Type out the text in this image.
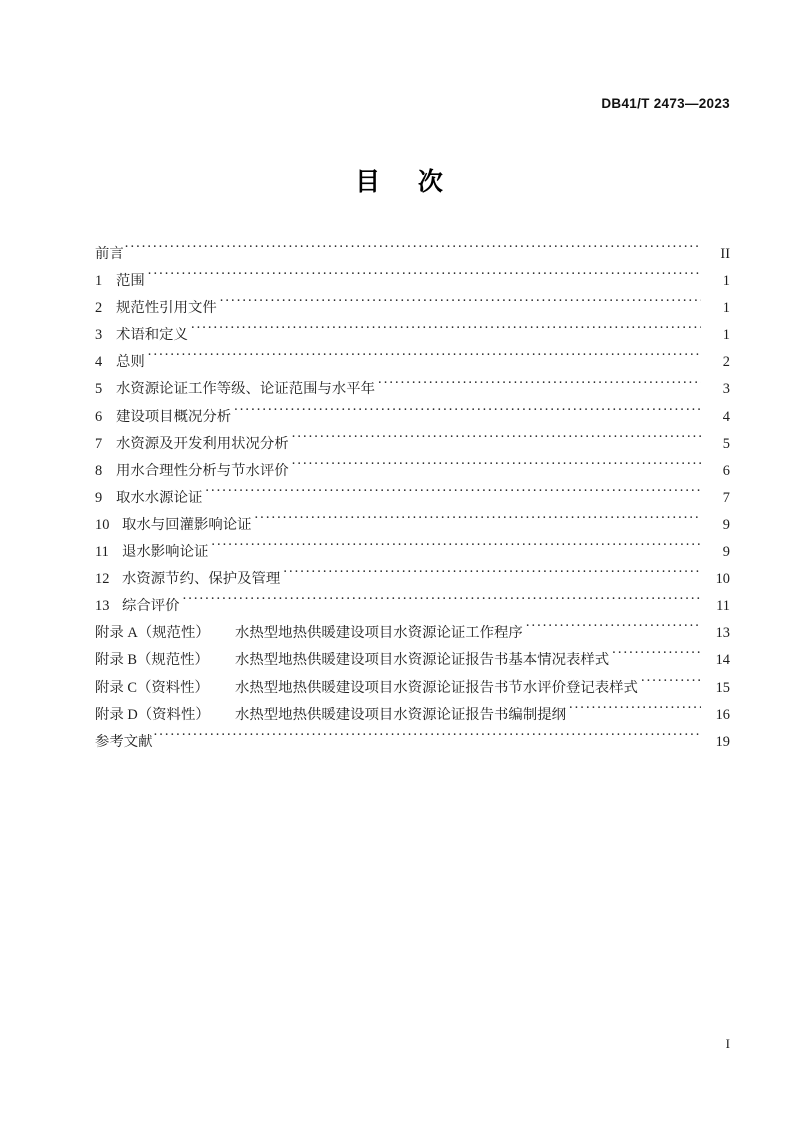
DB41/T 2473—2023
目    次
前言 .....	II
1 范围 .....	1
2 规范性引用文件 .....	1
3 术语和定义 .....	1
4 总则 .....	2
5 水资源论证工作等级、论证范围与水平年 .....	3
6 建设项目概况分析 .....	4
7 水资源及开发利用状况分析 .....	5
8 用水合理性分析与节水评价 .....	6
9 取水水源论证 .....	7
10 取水与回灌影响论证 .....	9
11 退水影响论证 .....	9
12 水资源节约、保护及管理 .....	10
13 综合评价 .....	11
附录 A（规范性）	水热型地热供暖建设项目水资源论证工作程序 .....	13
附录 B（规范性）	水热型地热供暖建设项目水资源论证报告书基本情况表样式 .....	14
附录 C（资料性）	水热型地热供暖建设项目水资源论证报告书节水评价登记表样式 .....	15
附录 D（资料性）	水热型地热供暖建设项目水资源论证报告书编制提纲 .....	16
参考文献 .....	19
I
